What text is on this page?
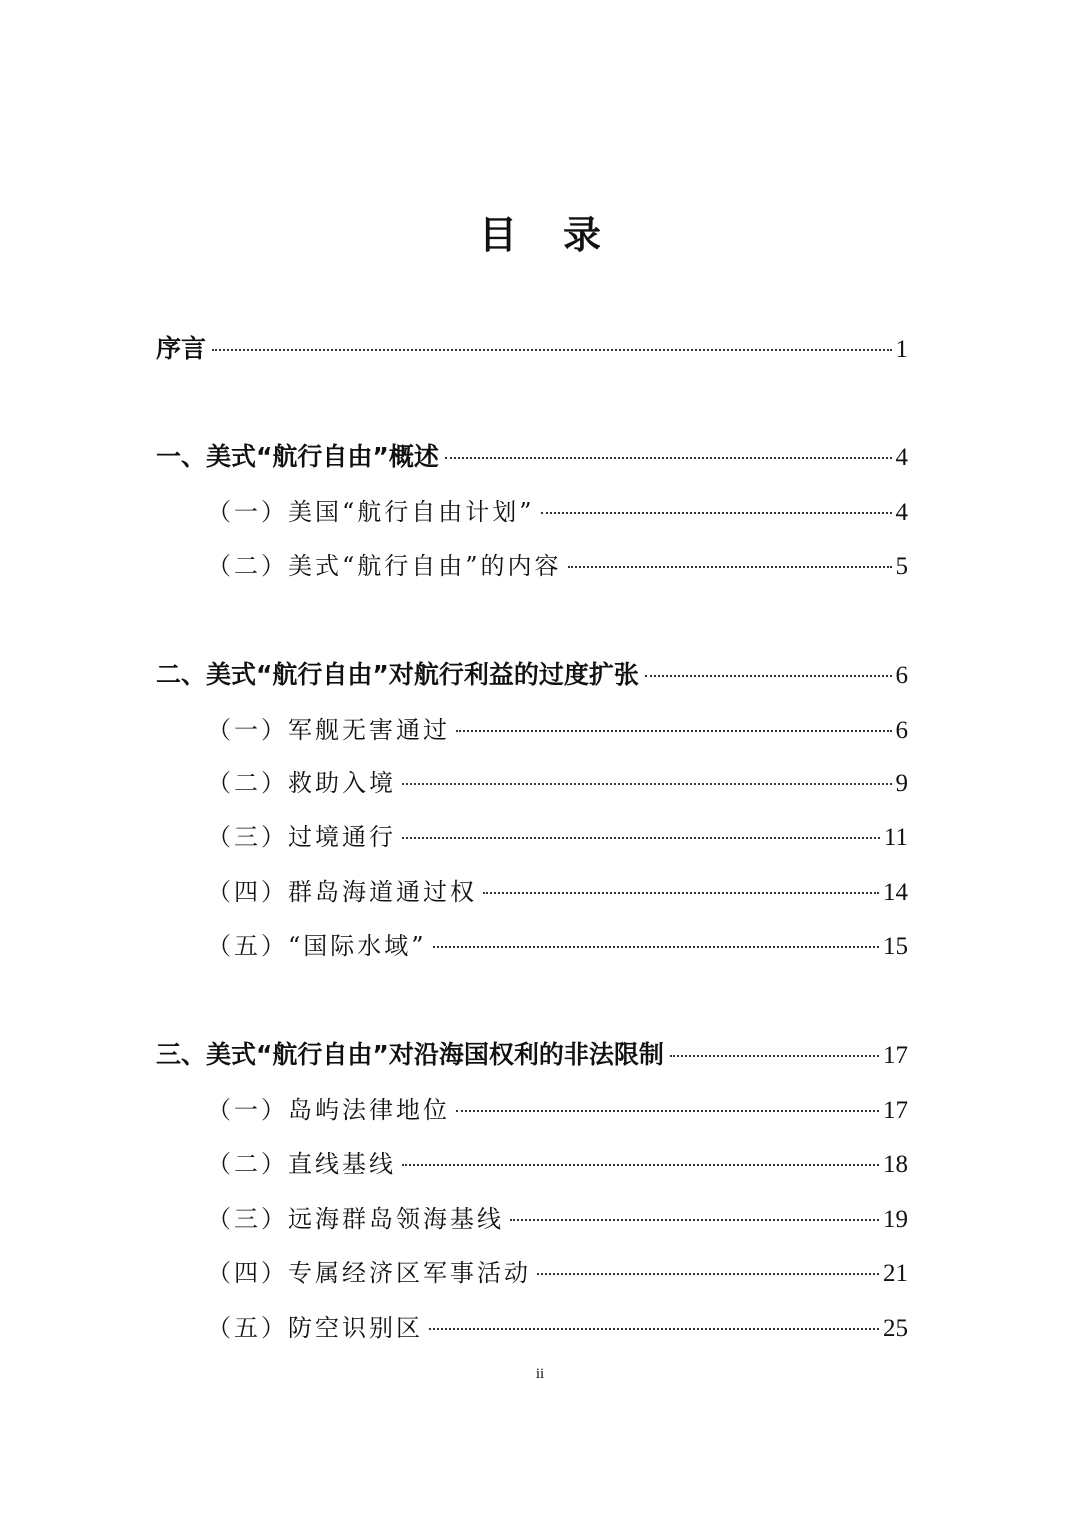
目录
序言	1
一、美式“航行自由”概述	4
（一）美国“航行自由计划”	4
（二）美式“航行自由”的内容	5
二、美式“航行自由”对航行利益的过度扩张	6
（一）军舰无害通过	6
（二）救助入境	9
（三）过境通行	11
（四）群岛海道通过权	14
（五）“国际水域”	15
三、美式“航行自由”对沿海国权利的非法限制	17
（一）岛屿法律地位	17
（二）直线基线	18
（三）远海群岛领海基线	19
（四）专属经济区军事活动	21
（五）防空识别区	25
ii
